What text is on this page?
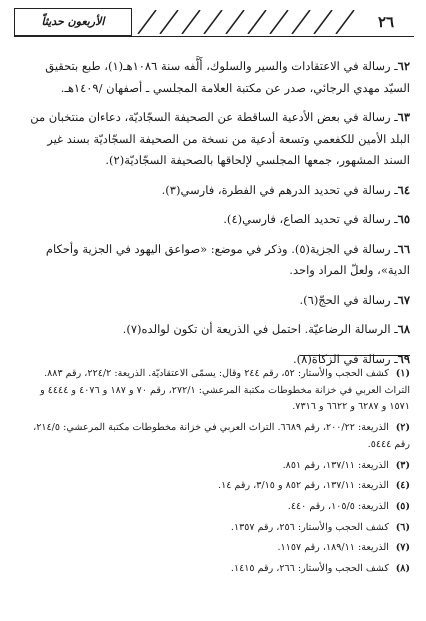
الأربعون حديثاً	٢٦

٦٢ـ رسالة في الاعتقادات والسير والسلوك، أَلَّفه سنة ١٠٨٦هـ(١)، طبع بتحقيق السيّد مهدي الرجائي، صدر عن مكتبة العلامة المجلسي ـ أصفهان /١٤٠٩هـ.

٦٣ـ رسالة في بعض الأدعية الساقطة عن الصحيفة السجّاديّة، دعاءان منتخبان من البلد الأمين للكفعمي وتسعة أدعية من نسخة من الصحيفة السجّاديّة بسند غير السند المشهور، جمعها المجلسي لإلحاقها بالصحيفة السجّاديّة(٢).

٦٤ـ رسالة في تحديد الدرهم في الفطرة، فارسي(٣).

٦٥ـ رسالة في تحديد الصاع، فارسي(٤).

٦٦ـ رسالة في الجزية(٥). وذكر في موضع: «صواعق اليهود في الجزية وأحكام الدية»، ولعلّ المراد واحد.

٦٧ـ رسالة في الحجّ(٦).

٦٨ـ الرسالة الرضاعيّة. احتمل في الذريعة أن تكون لوالده(٧).

٦٩ـ رسالة في الزكاة(٨).

(١) كشف الحجب والأستار: ٥٢، رقم ٢٤٤ وقال: يسمّى الاعتقاديّة. الذريعة: ٢٢٤/٢، رقم ٨٨٣. التراث العربي في خزانة مخطوطات مكتبة المرعشي: ٢٧٢/١، رقم ٧٠ و ١٨٧ و ٤٠٧٦ و ٤٤٤٤ و ١٥٧١ و ٦٢٨٧ و ٦٦٢٢ و ٧٣١٦.

(٢) الذريعة: ٢٠٠/٢٢، رقم ٦٦٨٩. التراث العربي في خزانة مخطوطات مكتبة المرعشي: ٢١٤/٥، رقم ٥٤٤٤.

(٣) الذريعة: ١٣٧/١١، رقم ٨٥١.

(٤) الذريعة: ١٣٧/١١، رقم ٨٥٢ و ٣/١٥، رقم ١٤.

(٥) الذريعة: ١٠٥/٥، رقم ٤٤٠.

(٦) كشف الحجب والأستار: ٢٥٦، رقم ١٣٥٧.

(٧) الذريعة: ١٨٩/١١، رقم ١١٥٧.

(٨) كشف الحجب والأستار: ٢٦٦، رقم ١٤١٥.
